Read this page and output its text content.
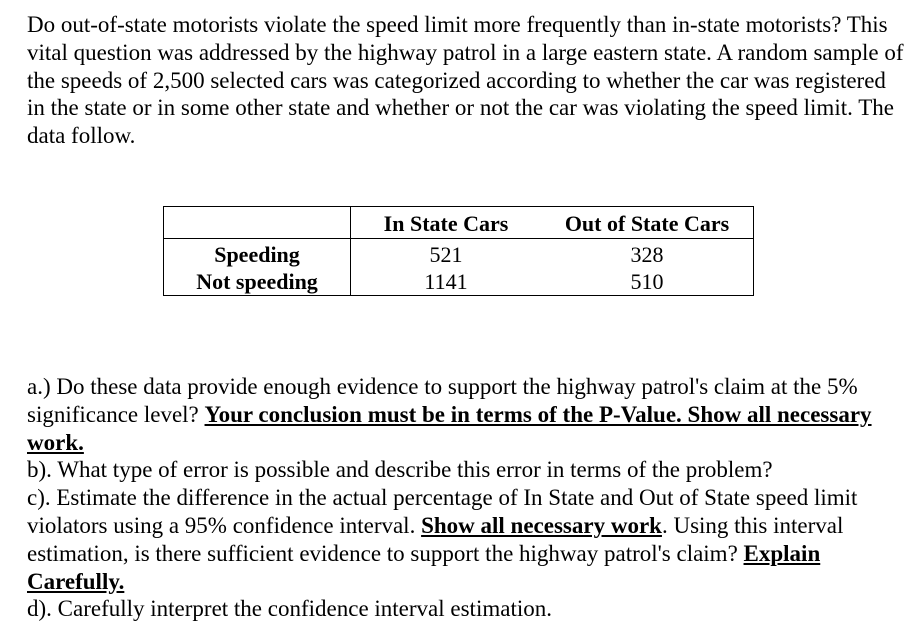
Do out-of-state motorists violate the speed limit more frequently than in-state motorists? This vital question was addressed by the highway patrol in a large eastern state. A random sample of the speeds of 2,500 selected cars was categorized according to whether the car was registered in the state or in some other state and whether or not the car was violating the speed limit. The data follow.

	In State Cars	Out of State Cars
Speeding	521	328
Not speeding	1141	510

a.) Do these data provide enough evidence to support the highway patrol's claim at the 5% significance level? Your conclusion must be in terms of the P-Value. Show all necessary work.

b). What type of error is possible and describe this error in terms of the problem?

c). Estimate the difference in the actual percentage of In State and Out of State speed limit violators using a 95% confidence interval. Show all necessary work. Using this interval estimation, is there sufficient evidence to support the highway patrol's claim? Explain Carefully.

d). Carefully interpret the confidence interval estimation.
